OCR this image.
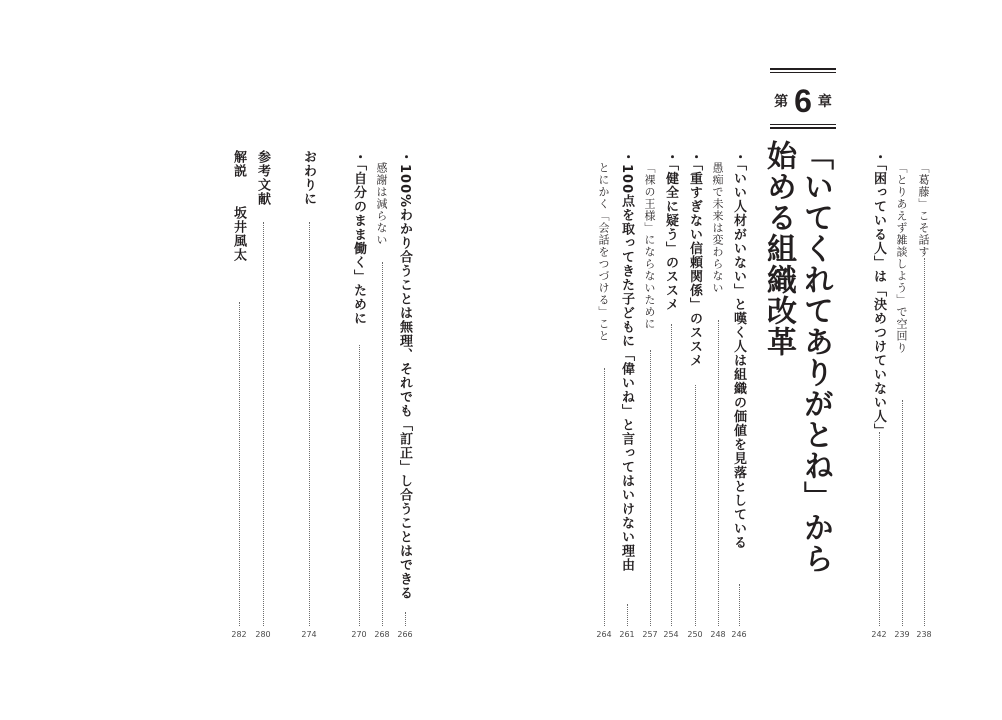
第 6 章
「いてくれてありがとね」から
始める組織改革	「葛藤」こそ話す
238
「とりあえず雑談しよう」で空回り
239
・「困っている人」は「決めつけていない人」
242
・「いい人材がいない」と嘆く人は組織の価値を見落としている
246
愚痴で未来は変わらない
248
・「重すぎない信頼関係」のススメ
250
・「健全に疑う」のススメ
254
「裸の王様」にならないために
257
・100点を取ってきた子どもに「偉いね」と言ってはいけない理由
261
とにかく「会話をつづける」こと
264
・100%わかり合うことは無理、それでも「訂正」し合うことはできる
266
感謝は減らない
268
・「自分のまま働く」ために
270
おわりに
274
参考文献
280
解説　　坂井風太
282
